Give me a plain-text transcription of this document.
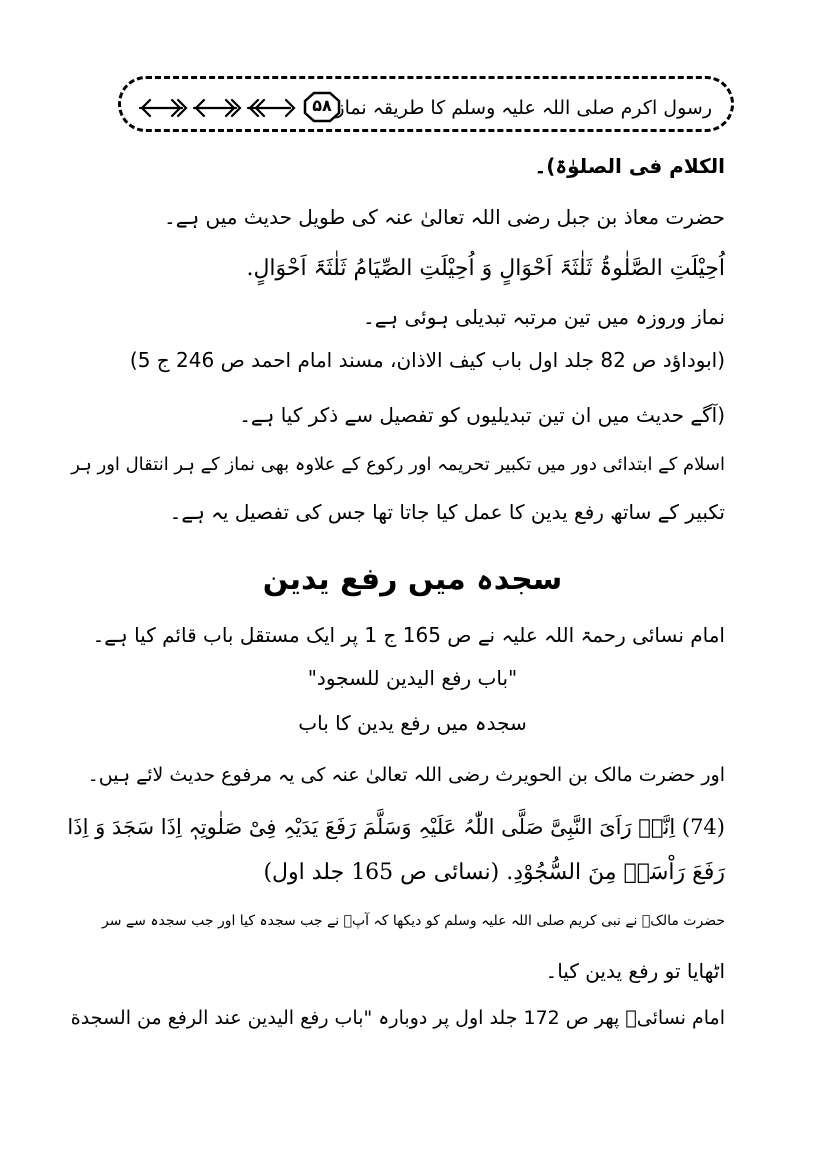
۵۸ رسول اکرم صلی اللہ علیہ وسلم کا طریقہ نماز
الکلام فی الصلوٰۃ)۔
حضرت معاذ بن جبل رضی اللہ تعالیٰ عنہ کی طویل حدیث میں ہے۔
اُحِيْلَتِ الصَّلٰوۃُ ثَلٰثَۃَ اَحْوَالٍ وَ اُحِيْلَتِ الصِّيَامُ ثَلٰثَۃَ اَحْوَالٍ.
نماز وروزہ میں تین مرتبہ تبدیلی ہوئی ہے۔
(ابوداؤد ص 82 جلد اول باب کیف الاذان، مسند امام احمد ص 246 ج 5)
(آگے حدیث میں ان تین تبدیلیوں کو تفصیل سے ذکر کیا ہے۔
اسلام کے ابتدائی دور میں تکبیر تحریمہ اور رکوع کے علاوہ بھی نماز کے ہر انتقال اور ہر
تکبیر کے ساتھ رفع یدین کا عمل کیا جاتا تھا جس کی تفصیل یہ ہے۔
سجدہ میں رفع یدین
امام نسائی رحمۃ اللہ علیہ نے ص 165 ج 1 پر ایک مستقل باب قائم کیا ہے۔
"باب رفع اليدين للسجود"
سجدہ میں رفع یدین کا باب
اور حضرت مالک بن الحویرث رضی اللہ تعالیٰ عنہ کی یہ مرفوع حدیث لائے ہیں۔
(74) اِنَّہٗ رَاَیَ النَّبِیَّ صَلَّی اللّٰہُ عَلَیْہِ وَسَلَّمَ رَفَعَ یَدَیْہِ فِیْ صَلٰوتِہٖ اِذَا سَجَدَ وَ اِذَا
رَفَعَ رَاْسَہٗ مِنَ السُّجُوْدِ. (نسائی ص 165 جلد اول)
حضرت مالکؓ نے نبی کریم صلی اللہ علیہ وسلم کو دیکھا کہ آپؐ نے جب سجدہ کیا اور جب سجدہ سے سر
اٹھایا تو رفع یدین کیا۔
امام نسائیؒ پھر ص 172 جلد اول پر دوبارہ "باب رفع اليدين عند الرفع من السجدة
